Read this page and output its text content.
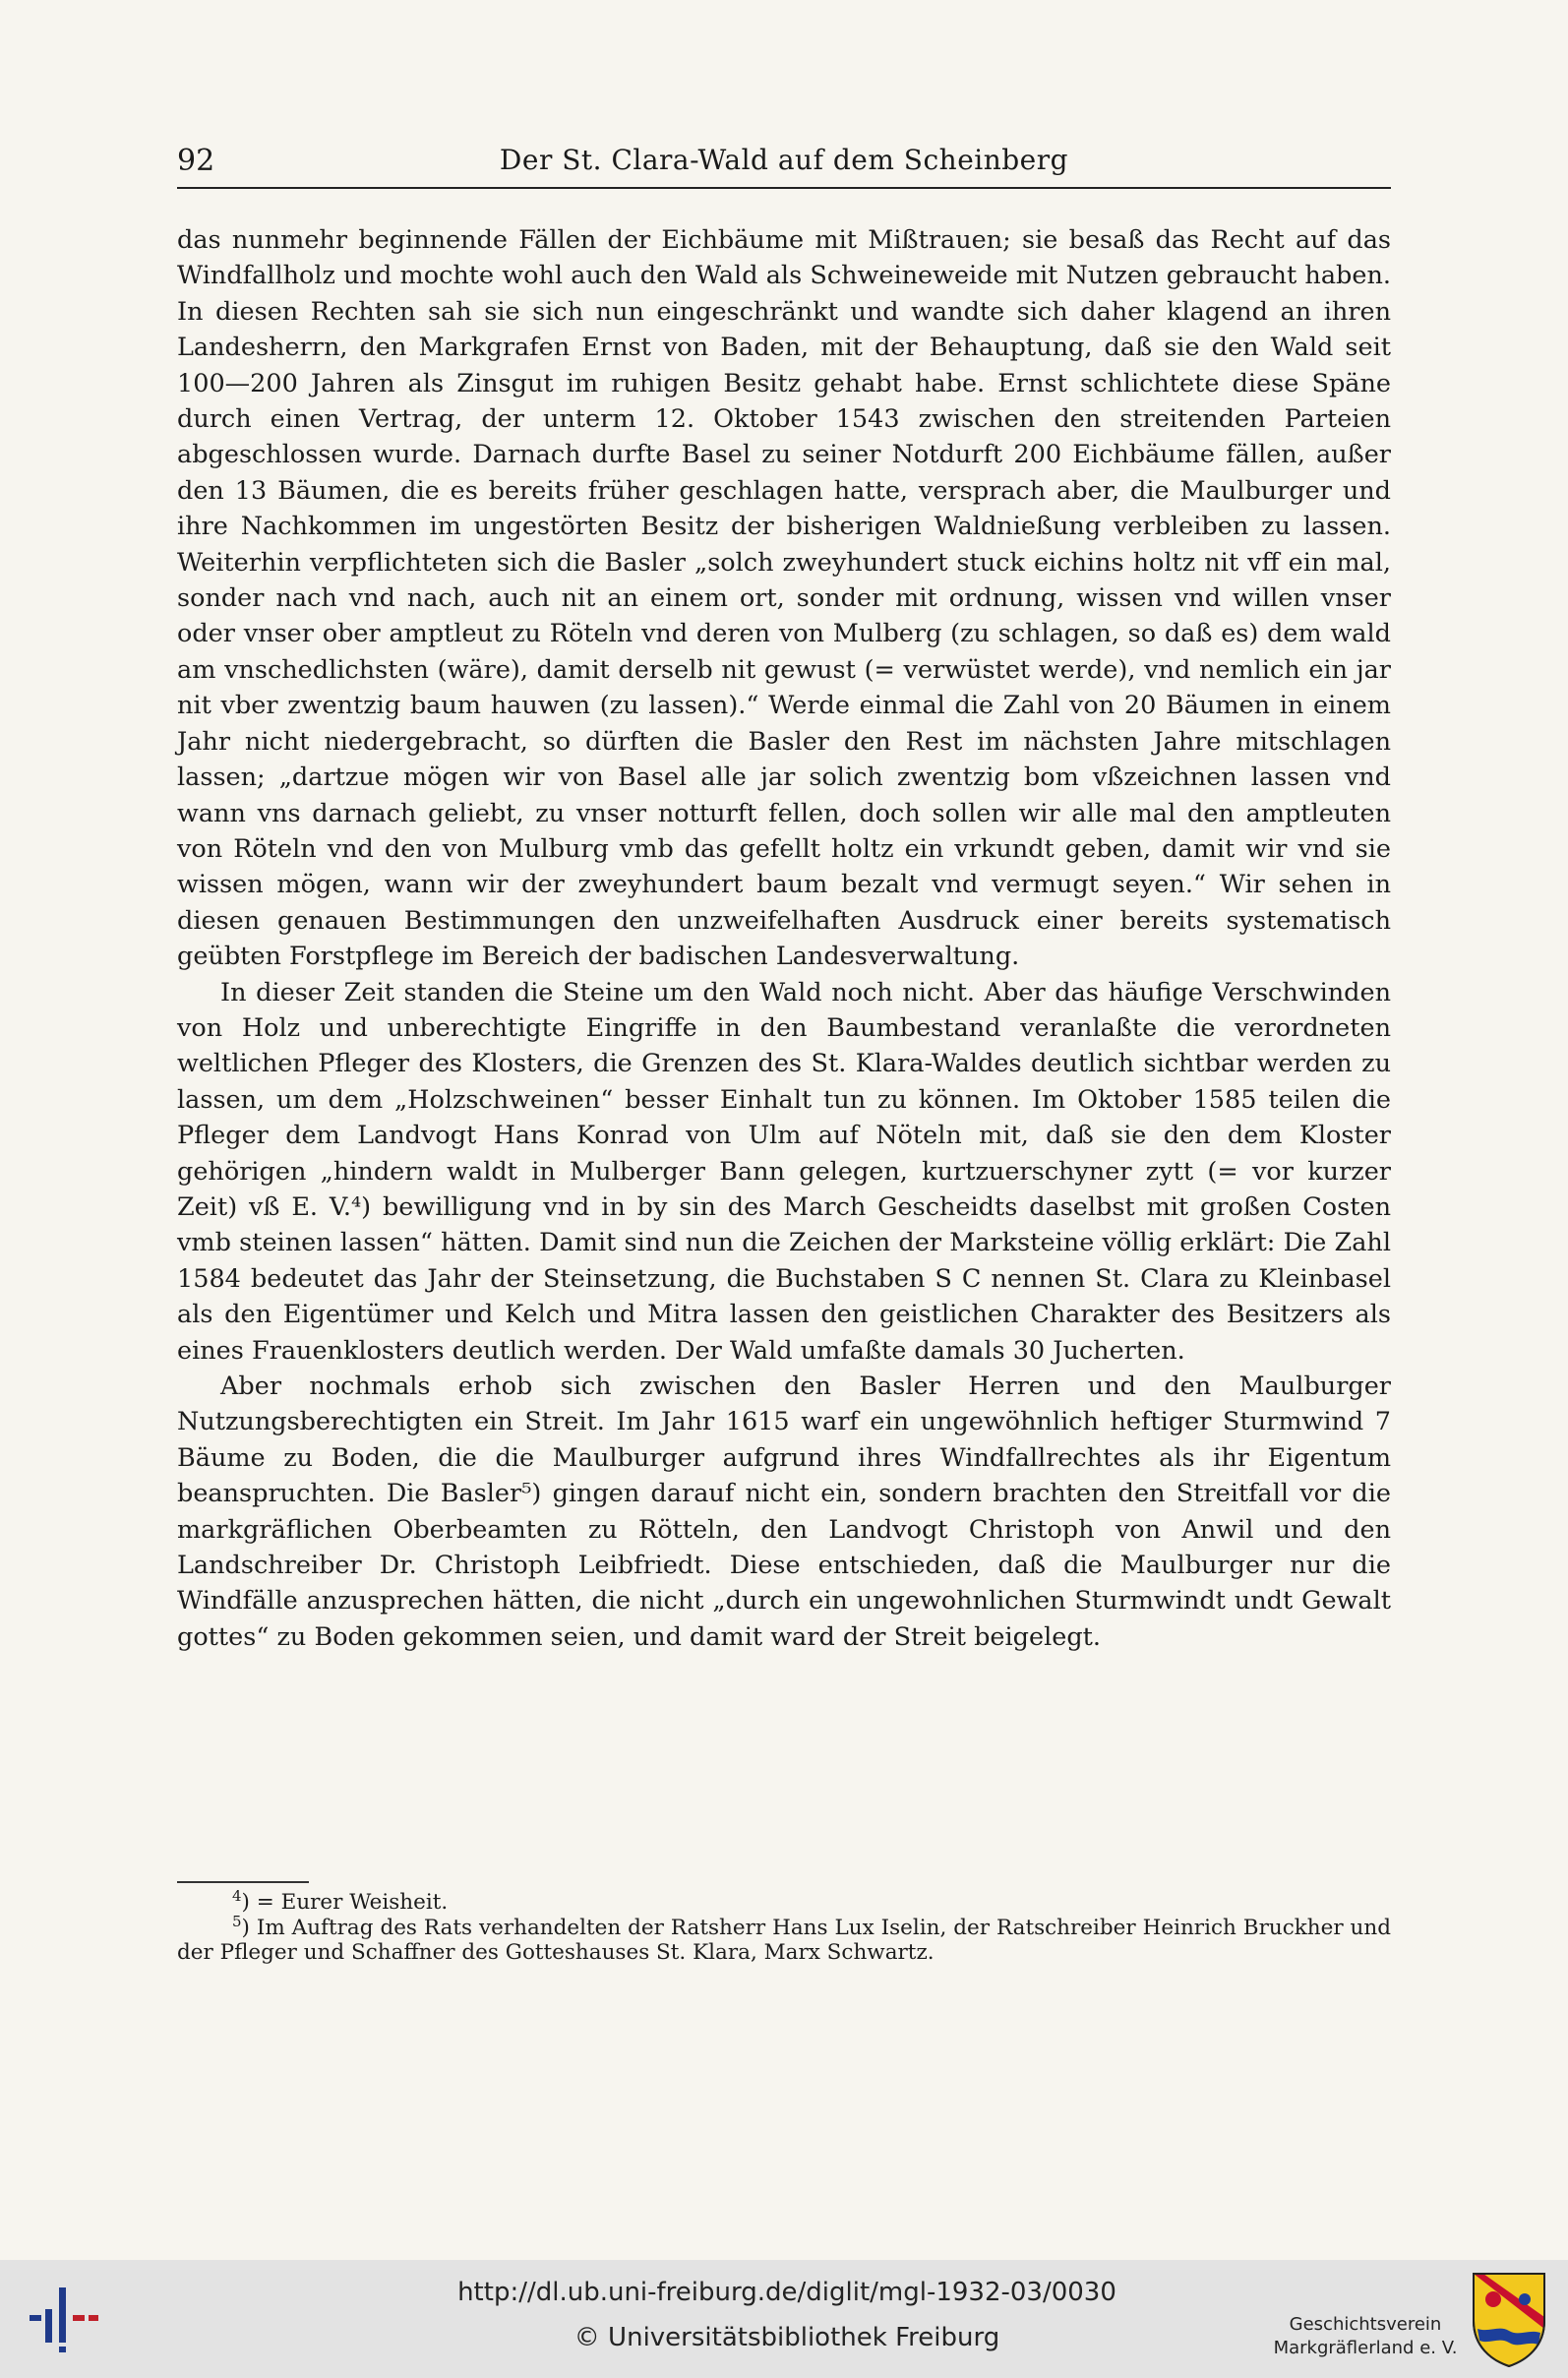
92	Der St. Clara-Wald auf dem Scheinberg

das nunmehr beginnende Fällen der Eichbäume mit Mißtrauen; sie besaß das Recht auf das Windfallholz und mochte wohl auch den Wald als Schweineweide mit Nutzen gebraucht haben. In diesen Rechten sah sie sich nun eingeschränkt und wandte sich daher klagend an ihren Landesherrn, den Markgrafen Ernst von Baden, mit der Behauptung, daß sie den Wald seit 100—200 Jahren als Zinsgut im ruhigen Besitz gehabt habe. Ernst schlichtete diese Späne durch einen Vertrag, der unterm 12. Oktober 1543 zwischen den streitenden Parteien abgeschlossen wurde. Darnach durfte Basel zu seiner Notdurft 200 Eichbäume fällen, außer den 13 Bäumen, die es bereits früher geschlagen hatte, versprach aber, die Maulburger und ihre Nachkommen im ungestörten Besitz der bisherigen Waldnießung verbleiben zu lassen. Weiterhin verpflichteten sich die Basler „solch zweyhundert stuck eichins holtz nit vff ein mal, sonder nach vnd nach, auch nit an einem ort, sonder mit ordnung, wissen vnd willen vnser oder vnser ober amptleut zu Röteln vnd deren von Mulberg (zu schlagen, so daß es) dem wald am vnschedlichsten (wäre), damit derselb nit gewust (= verwüstet werde), vnd nemlich ein jar nit vber zwentzig baum hauwen (zu lassen).“ Werde einmal die Zahl von 20 Bäumen in einem Jahr nicht niedergebracht, so dürften die Basler den Rest im nächsten Jahre mitschlagen lassen; „dartzue mögen wir von Basel alle jar solich zwentzig bom vßzeichnen lassen vnd wann vns darnach geliebt, zu vnser notturft fellen, doch sollen wir alle mal den amptleuten von Röteln vnd den von Mulburg vmb das gefellt holtz ein vrkundt geben, damit wir vnd sie wissen mögen, wann wir der zweyhundert baum bezalt vnd vermugt seyen.“ Wir sehen in diesen genauen Bestimmungen den unzweifelhaften Ausdruck einer bereits systematisch geübten Forstpflege im Bereich der badischen Landesverwaltung.

In dieser Zeit standen die Steine um den Wald noch nicht. Aber das häufige Verschwinden von Holz und unberechtigte Eingriffe in den Baumbestand veranlaßte die verordneten weltlichen Pfleger des Klosters, die Grenzen des St. Klara-Waldes deutlich sichtbar werden zu lassen, um dem „Holzschweinen“ besser Einhalt tun zu können. Im Oktober 1585 teilen die Pfleger dem Landvogt Hans Konrad von Ulm auf Nöteln mit, daß sie den dem Kloster gehörigen „hindern waldt in Mulberger Bann gelegen, kurtzuerschyner zytt (= vor kurzer Zeit) vß E. V.⁴) bewilligung vnd in by sin des March Gescheidts daselbst mit großen Costen vmb steinen lassen“ hätten. Damit sind nun die Zeichen der Marksteine völlig erklärt: Die Zahl 1584 bedeutet das Jahr der Steinsetzung, die Buchstaben S C nennen St. Clara zu Kleinbasel als den Eigentümer und Kelch und Mitra lassen den geistlichen Charakter des Besitzers als eines Frauenklosters deutlich werden. Der Wald umfaßte damals 30 Jucherten.

Aber nochmals erhob sich zwischen den Basler Herren und den Maulburger Nutzungsberechtigten ein Streit. Im Jahr 1615 warf ein ungewöhnlich heftiger Sturmwind 7 Bäume zu Boden, die die Maulburger aufgrund ihres Windfallrechtes als ihr Eigentum beanspruchten. Die Basler⁵) gingen darauf nicht ein, sondern brachten den Streitfall vor die markgräflichen Oberbeamten zu Rötteln, den Landvogt Christoph von Anwil und den Landschreiber Dr. Christoph Leibfriedt. Diese entschieden, daß die Maulburger nur die Windfälle anzusprechen hätten, die nicht „durch ein ungewohnlichen Sturmwindt undt Gewalt gottes“ zu Boden gekommen seien, und damit ward der Streit beigelegt.

$^4$) = Eurer Weisheit.

$^5$) Im Auftrag des Rats verhandelten der Ratsherr Hans Lux Iselin, der Ratschreiber Heinrich Bruckher und der Pfleger und Schaffner des Gotteshauses St. Klara, Marx Schwartz.

http://dl.ub.uni-freiburg.de/diglit/mgl-1932-03/0030
© Universitätsbibliothek Freiburg	Geschichtsverein
Markgräflerland e. V.
